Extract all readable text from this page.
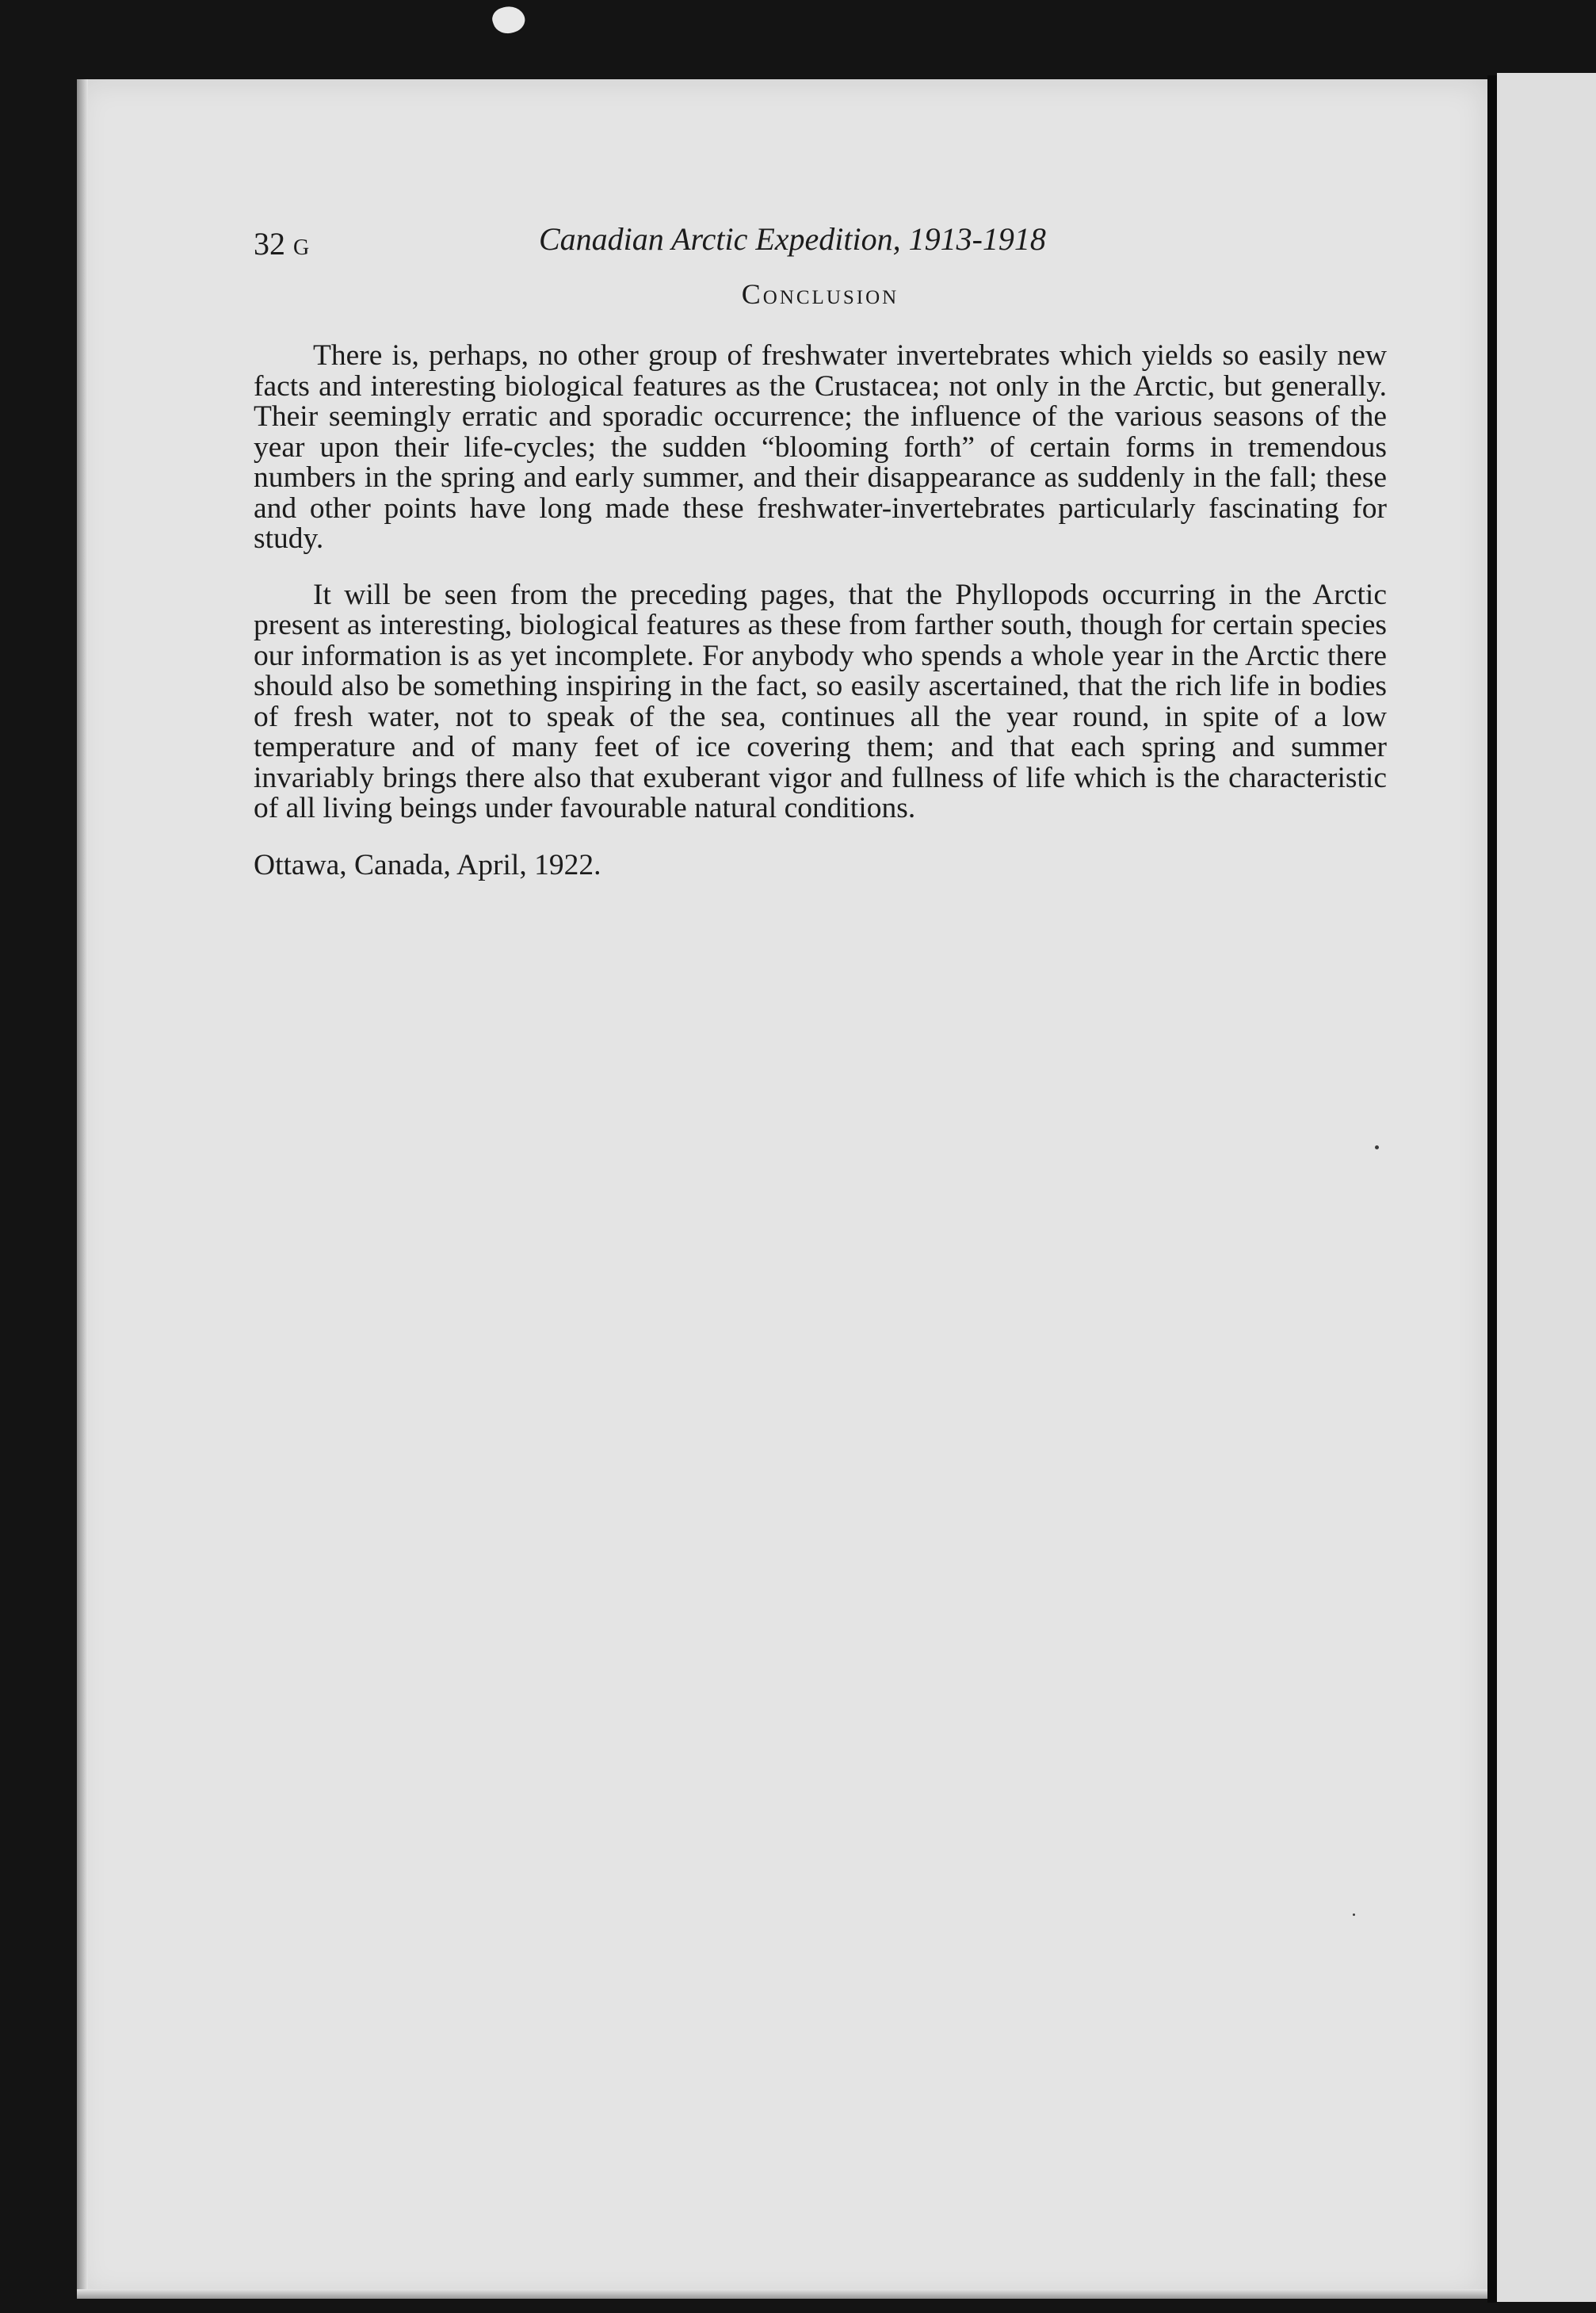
32 G	Canadian Arctic Expedition, 1913-1918
Conclusion

There is, perhaps, no other group of freshwater invertebrates which yields so easily new facts and interesting biological features as the Crustacea; not only in the Arctic, but generally. Their seemingly erratic and sporadic occurrence; the influence of the various seasons of the year upon their life-cycles; the sudden “blooming forth” of certain forms in tremendous numbers in the spring and early summer, and their disappearance as suddenly in the fall; these and other points have long made these freshwater-invertebrates particularly fascinating for study.

It will be seen from the preceding pages, that the Phyllopods occurring in the Arctic present as interesting, biological features as these from farther south, though for certain species our information is as yet incomplete. For anybody who spends a whole year in the Arctic there should also be something inspiring in the fact, so easily ascertained, that the rich life in bodies of fresh water, not to speak of the sea, continues all the year round, in spite of a low temperature and of many feet of ice covering them; and that each spring and summer invariably brings there also that exuberant vigor and fullness of life which is the characteristic of all living beings under favourable natural conditions.

Ottawa, Canada, April, 1922.
